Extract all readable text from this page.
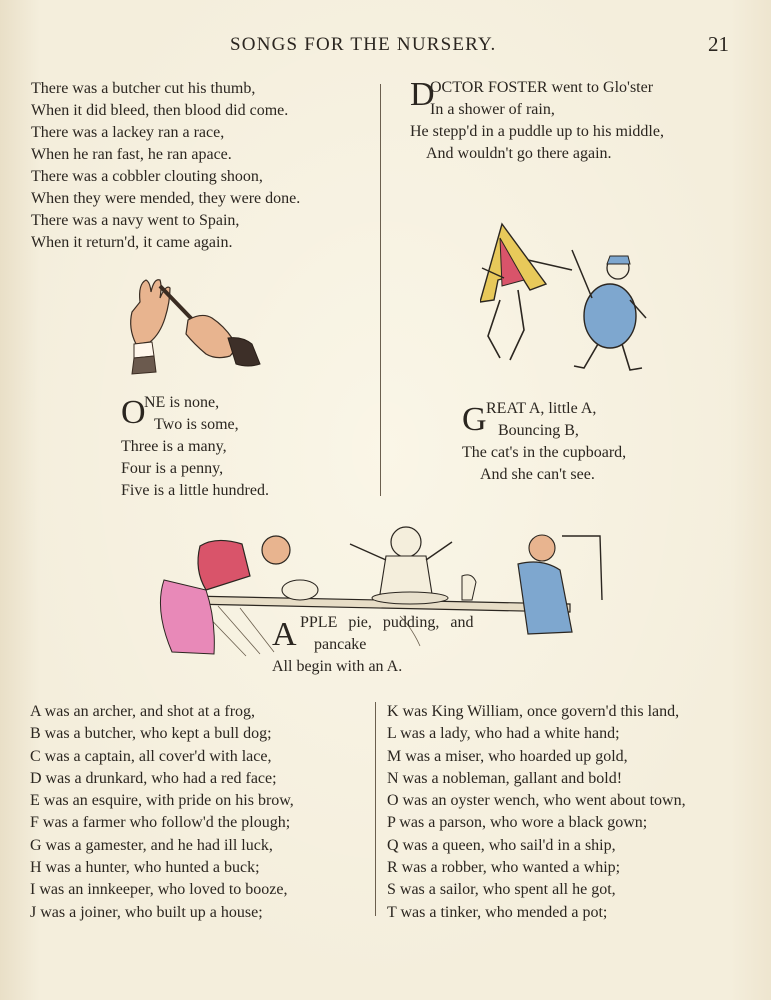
SONGS FOR THE NURSERY.	21
There was a butcher cut his thumb,
When it did bleed, then blood did come.
There was a lackey ran a race,
When he ran fast, he ran apace.
There was a cobbler clouting shoon,
When they were mended, they were done.
There was a navy went to Spain,
When it return'd, it came again.
D
OCTOR FOSTER went to Glo'ster
In a shower of rain,
He stepp'd in a puddle up to his middle,
And wouldn't go there again.
O
NE is none,
Two is some,
Three is a many,
Four is a penny,
Five is a little hundred.
G REAT A, little A,
Bouncing B,
The cat's in the cupboard,
And she can't see.
A PPLE pie, pudding, and
pancake
All begin with an A.
A was an archer, and shot at a frog,
B was a butcher, who kept a bull dog;
C was a captain, all cover'd with lace,
D was a drunkard, who had a red face;
E was an esquire, with pride on his brow,
F was a farmer who follow'd the plough;
G was a gamester, and he had ill luck,
H was a hunter, who hunted a buck;
I was an innkeeper, who loved to booze,
J was a joiner, who built up a house;
K was King William, once govern'd this land,
L was a lady, who had a white hand;
M was a miser, who hoarded up gold,
N was a nobleman, gallant and bold!
O was an oyster wench, who went about town,
P was a parson, who wore a black gown;
Q was a queen, who sail'd in a ship,
R was a robber, who wanted a whip;
S was a sailor, who spent all he got,
T was a tinker, who mended a pot;
